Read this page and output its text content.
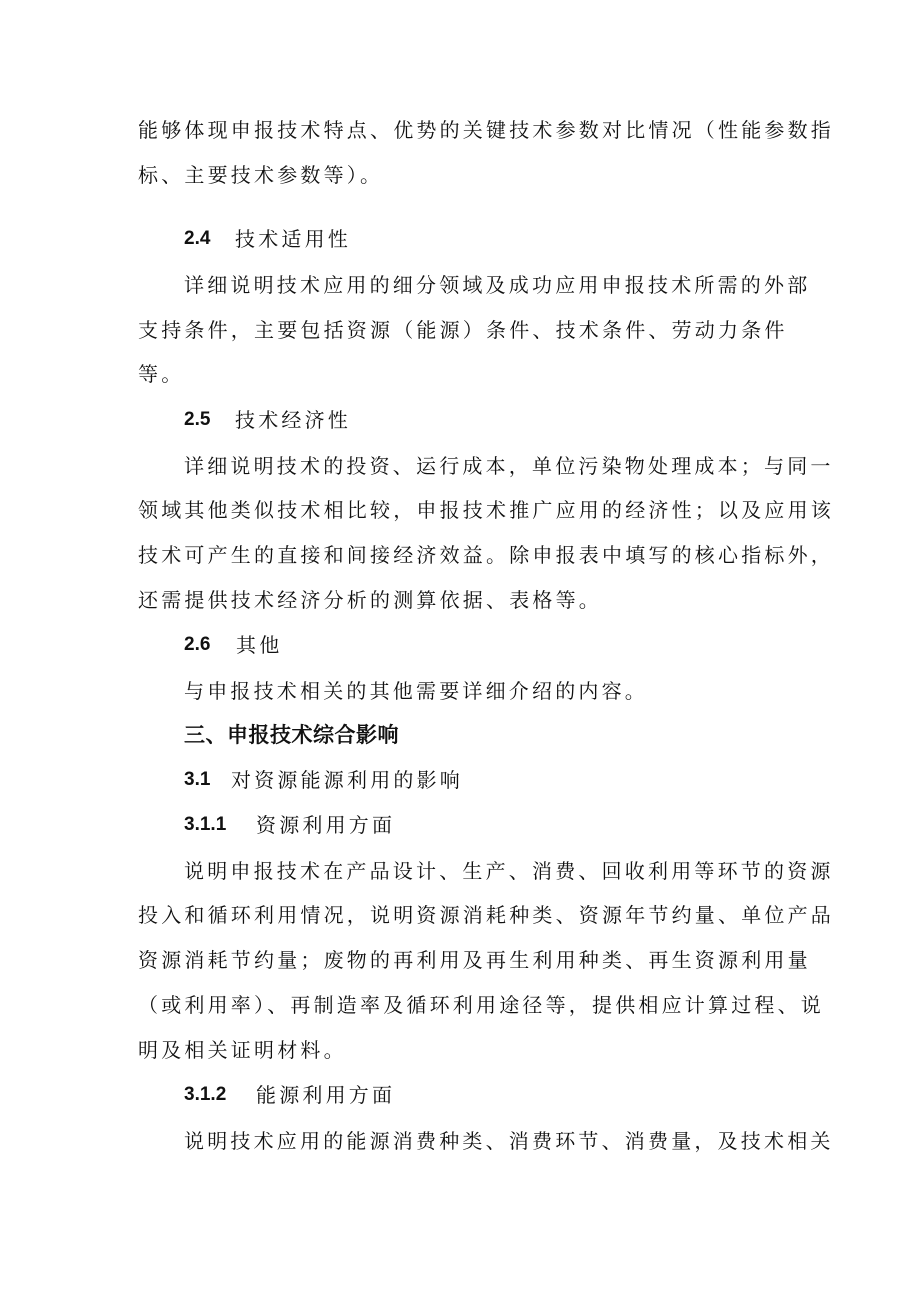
能够体现申报技术特点、优势的关键技术参数对比情况（性能参数指
标、主要技术参数等）。
2.4 技术适用性
详细说明技术应用的细分领域及成功应用申报技术所需的外部
支持条件，主要包括资源（能源）条件、技术条件、劳动力条件
等。
2.5 技术经济性
详细说明技术的投资、运行成本，单位污染物处理成本；与同一
领域其他类似技术相比较，申报技术推广应用的经济性；以及应用该
技术可产生的直接和间接经济效益。除申报表中填写的核心指标外，
还需提供技术经济分析的测算依据、表格等。
2.6 其他
与申报技术相关的其他需要详细介绍的内容。
三、申报技术综合影响
3.1 对资源能源利用的影响
3.1.1 资源利用方面
说明申报技术在产品设计、生产、消费、回收利用等环节的资源
投入和循环利用情况，说明资源消耗种类、资源年节约量、单位产品
资源消耗节约量；废物的再利用及再生利用种类、再生资源利用量
（或利用率）、再制造率及循环利用途径等，提供相应计算过程、说
明及相关证明材料。
3.1.2 能源利用方面
说明技术应用的能源消费种类、消费环节、消费量，及技术相关
